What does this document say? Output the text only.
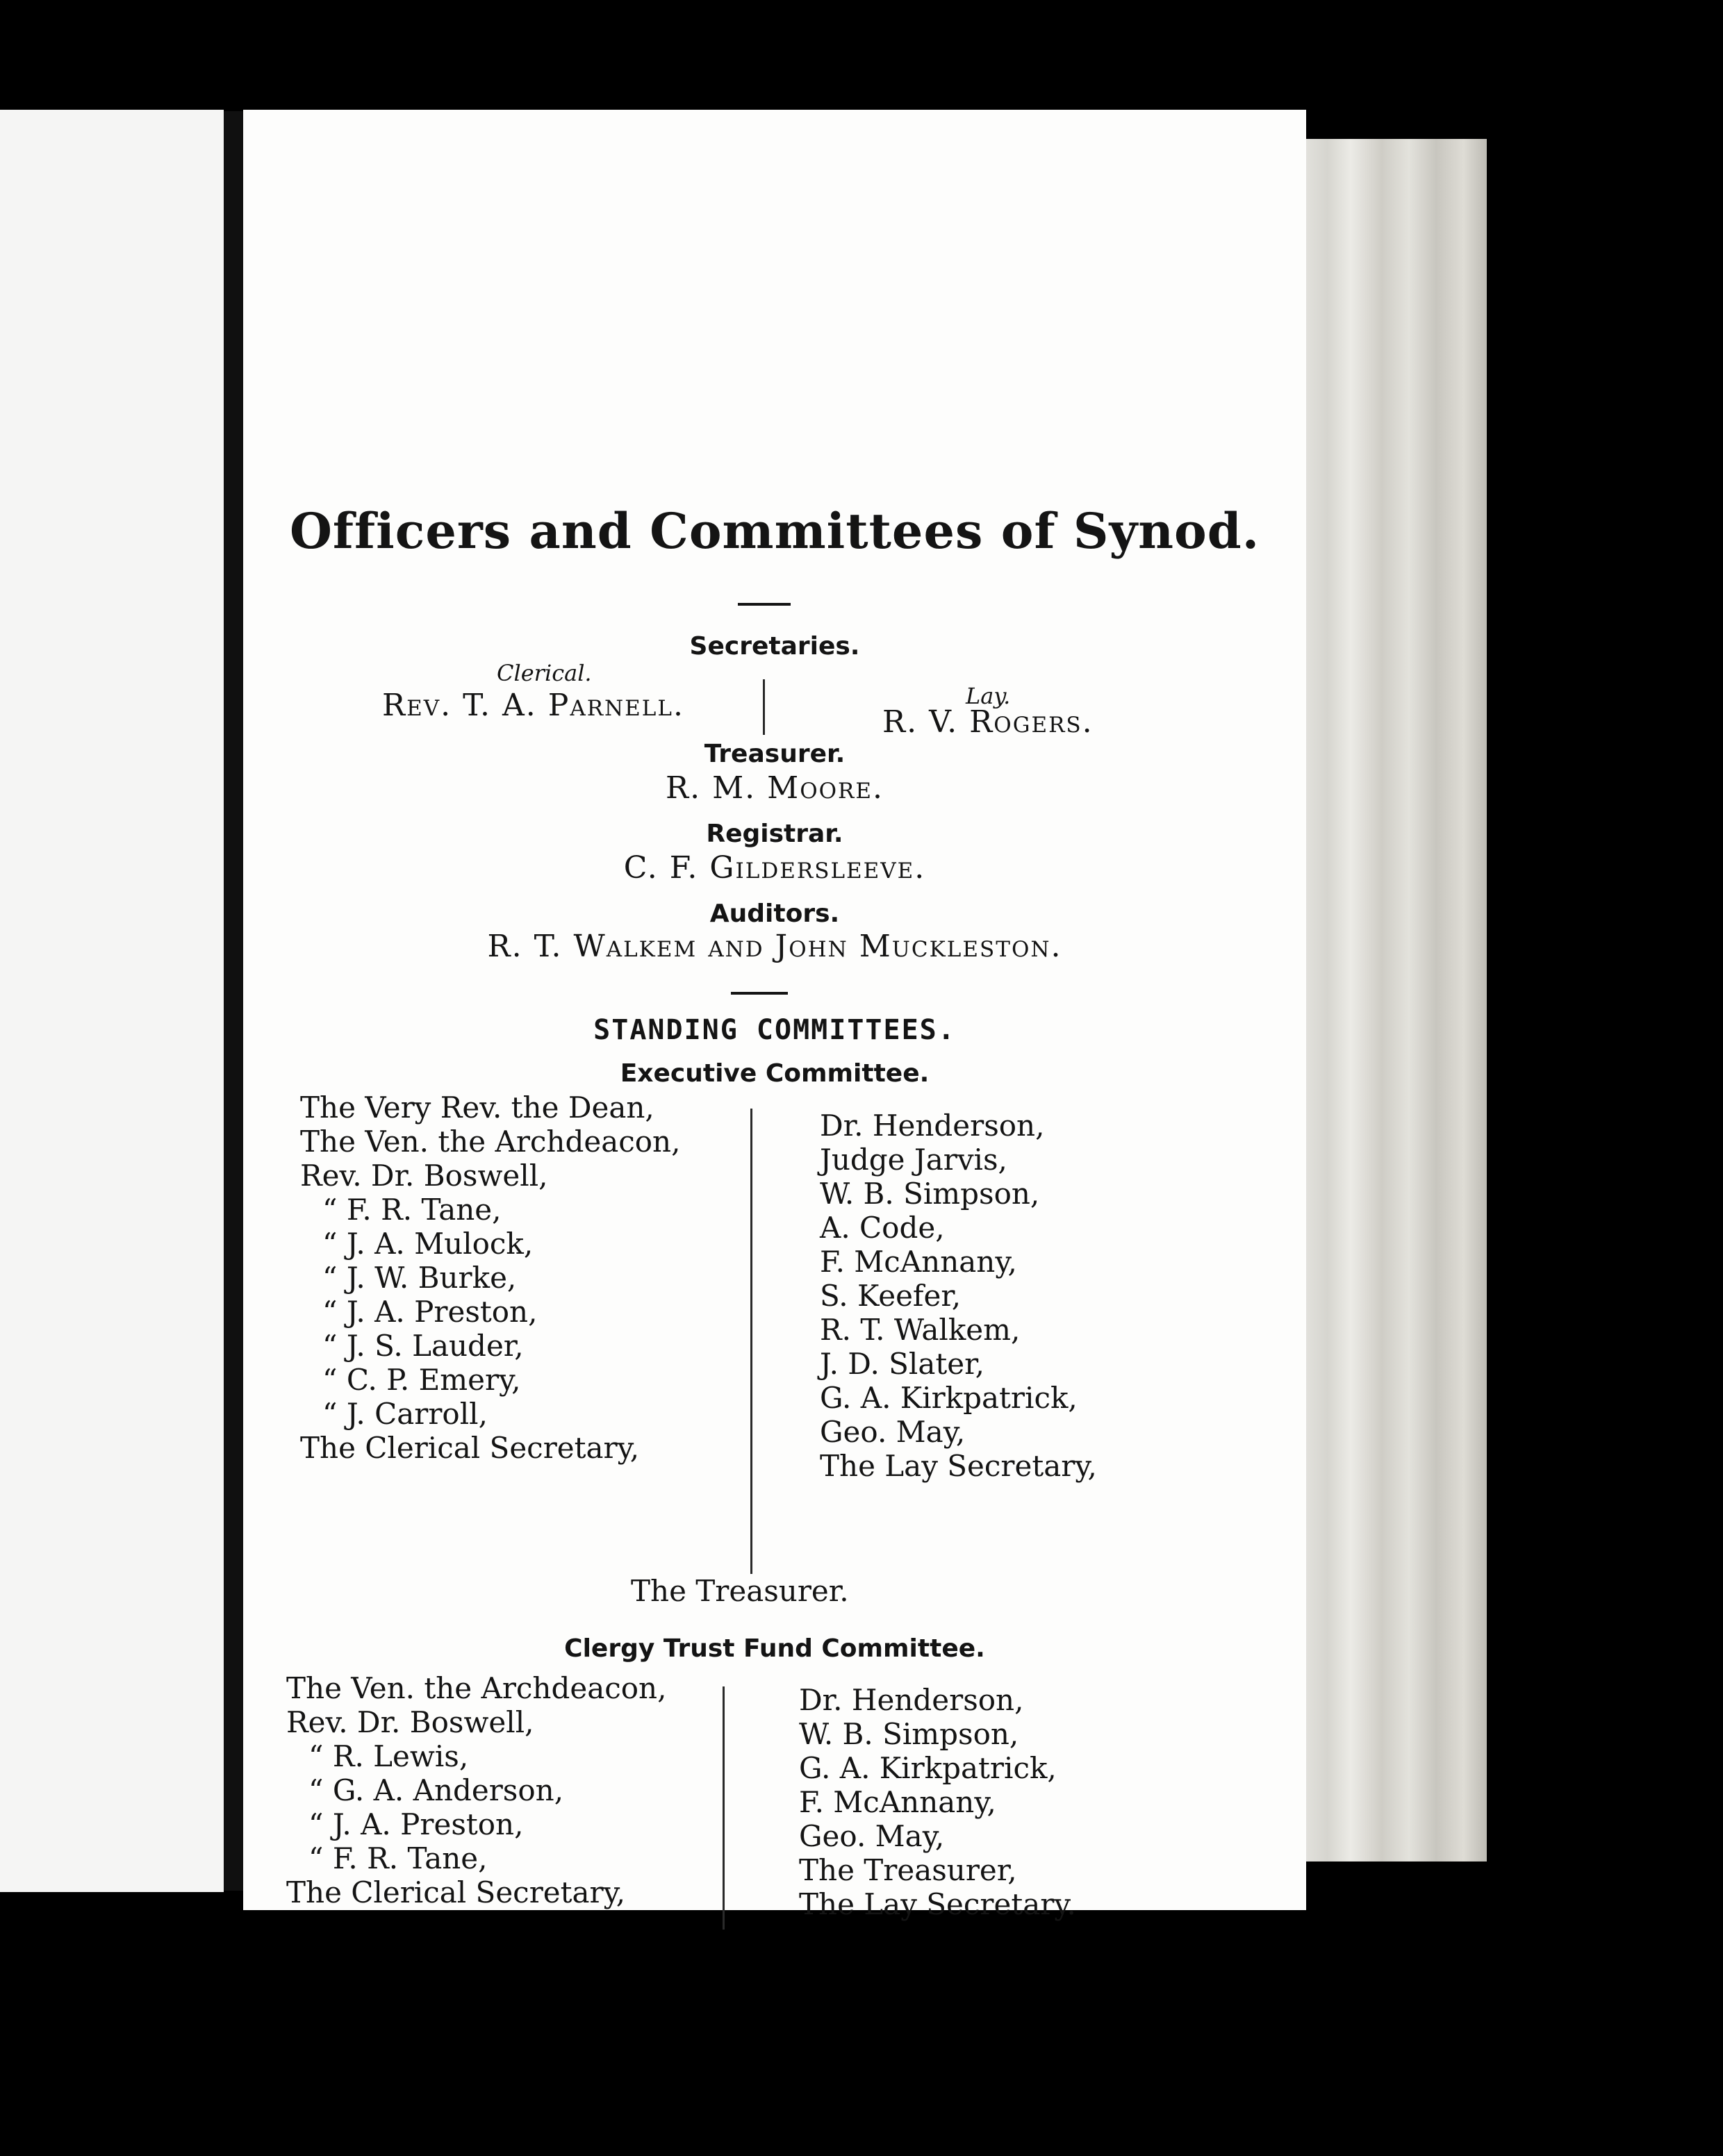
Officers and Committees of Synod.
Secretaries.
Clerical.
Rev. T. A. Parnell.	Lay.
R. V. Rogers.
Treasurer.
R. M. Moore.
Registrar.
C. F. Gildersleeve.
Auditors.
R. T. Walkem and John Muckleston.
STANDING COMMITTEES.
Executive Committee.
The Very Rev. the Dean,
The Ven. the Archdeacon,
Rev. Dr. Boswell,
“ F. R. Tane,
“ J. A. Mulock,
“ J. W. Burke,
“ J. A. Preston,
“ J. S. Lauder,
“ C. P. Emery,
“ J. Carroll,
The Clerical Secretary,
Dr. Henderson,
Judge Jarvis,
W. B. Simpson,
A. Code,
F. McAnnany,
S. Keefer,
R. T. Walkem,
J. D. Slater,
G. A. Kirkpatrick,
Geo. May,
The Lay Secretary,
The Treasurer.
Clergy Trust Fund Committee.
The Ven. the Archdeacon,
Rev. Dr. Boswell,
“ R. Lewis,
“ G. A. Anderson,
“ J. A. Preston,
“ F. R. Tane,
The Clerical Secretary,
Dr. Henderson,
W. B. Simpson,
G. A. Kirkpatrick,
F. McAnnany,
Geo. May,
The Treasurer,
The Lay Secretary.
